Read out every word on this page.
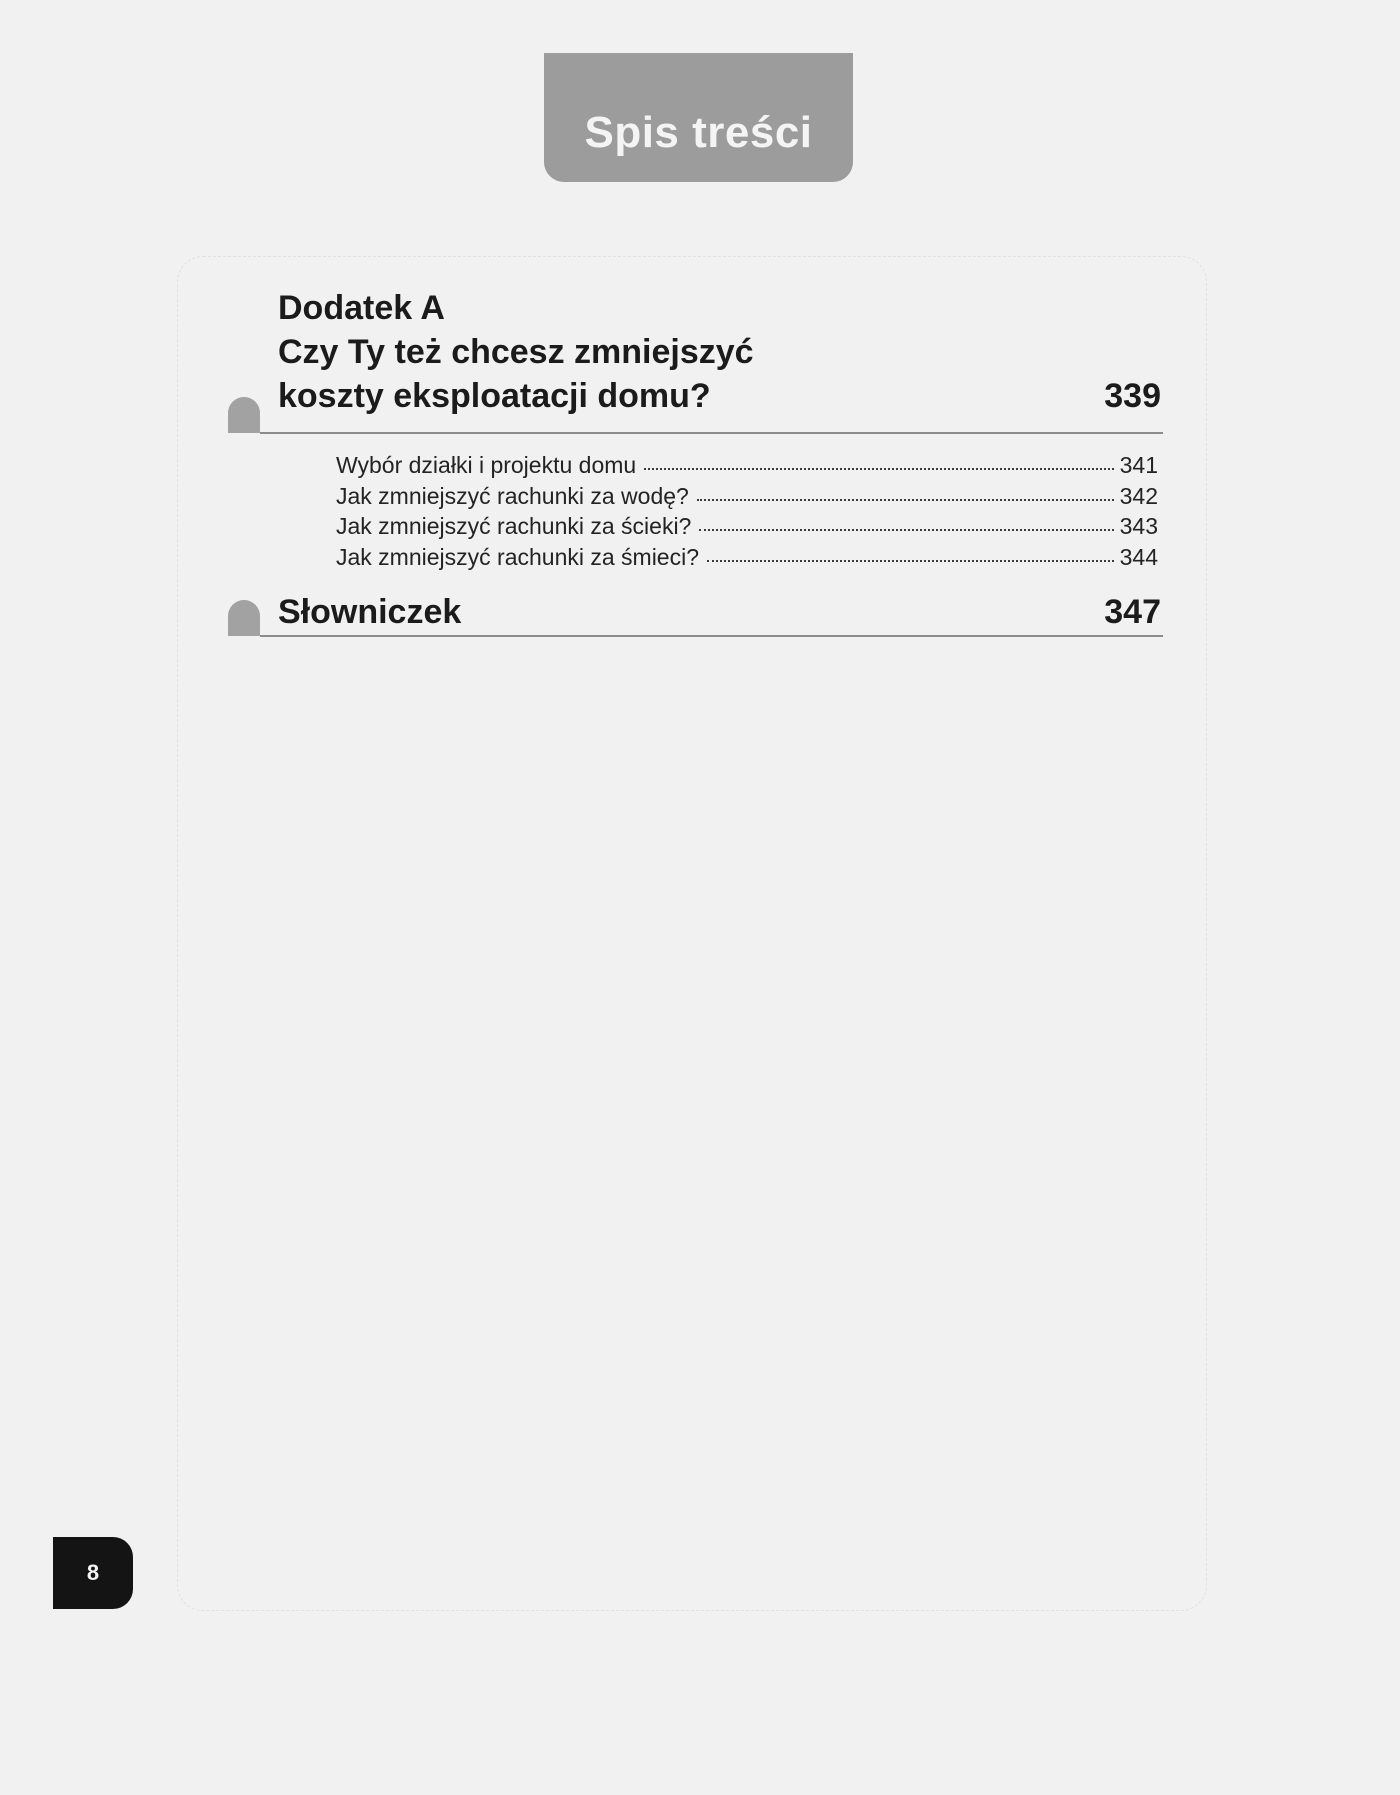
Spis treści
Dodatek A
Czy Ty też chcesz zmniejszyć
koszty eksploatacji domu?	339
Wybór działki i projektu domu	341
Jak zmniejszyć rachunki za wodę?	342
Jak zmniejszyć rachunki za ścieki?	343
Jak zmniejszyć rachunki za śmieci?	344
Słowniczek	347
8
